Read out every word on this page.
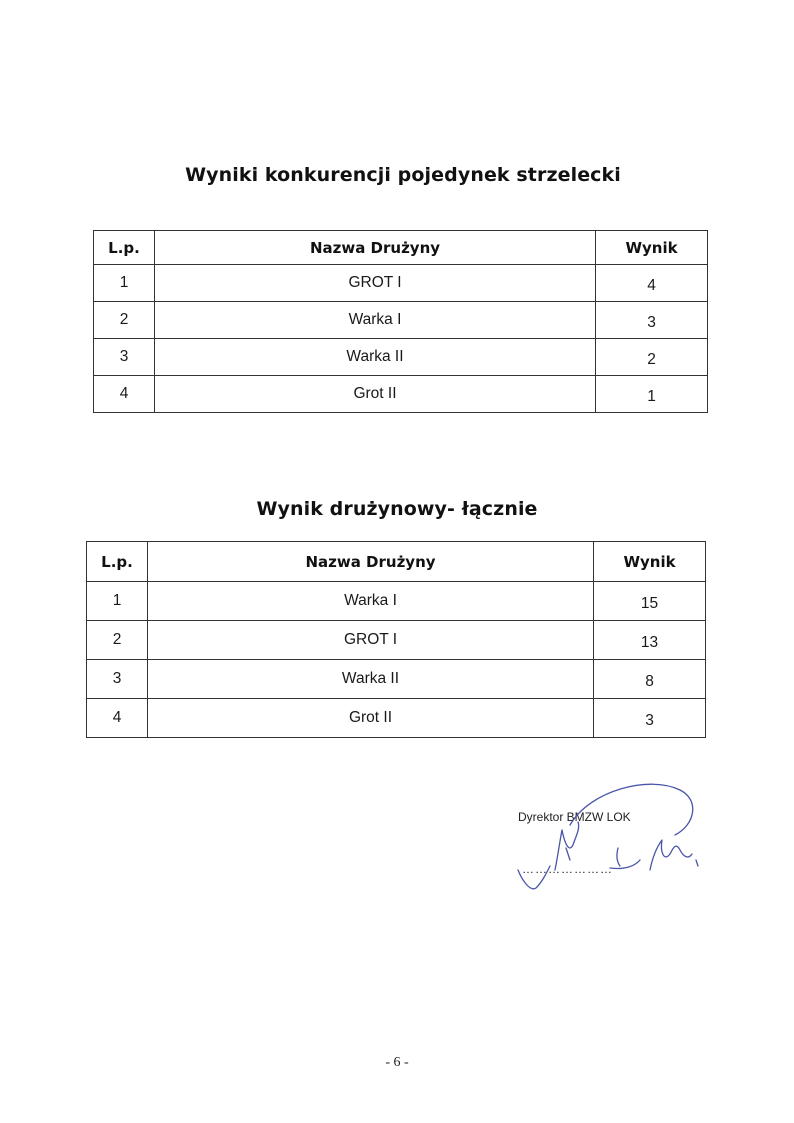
Wyniki konkurencji pojedynek strzelecki
L.p.	Nazwa Drużyny	Wynik
1	GROT I	4
2	Warka I	3
3	Warka II	2
4	Grot II	1
Wynik drużynowy- łącznie
L.p.	Nazwa Drużyny	Wynik
1	Warka I	15
2	GROT I	13
3	Warka II	8
4	Grot II	3
Dyrektor BMZW LOK
…………………
- 6 -
